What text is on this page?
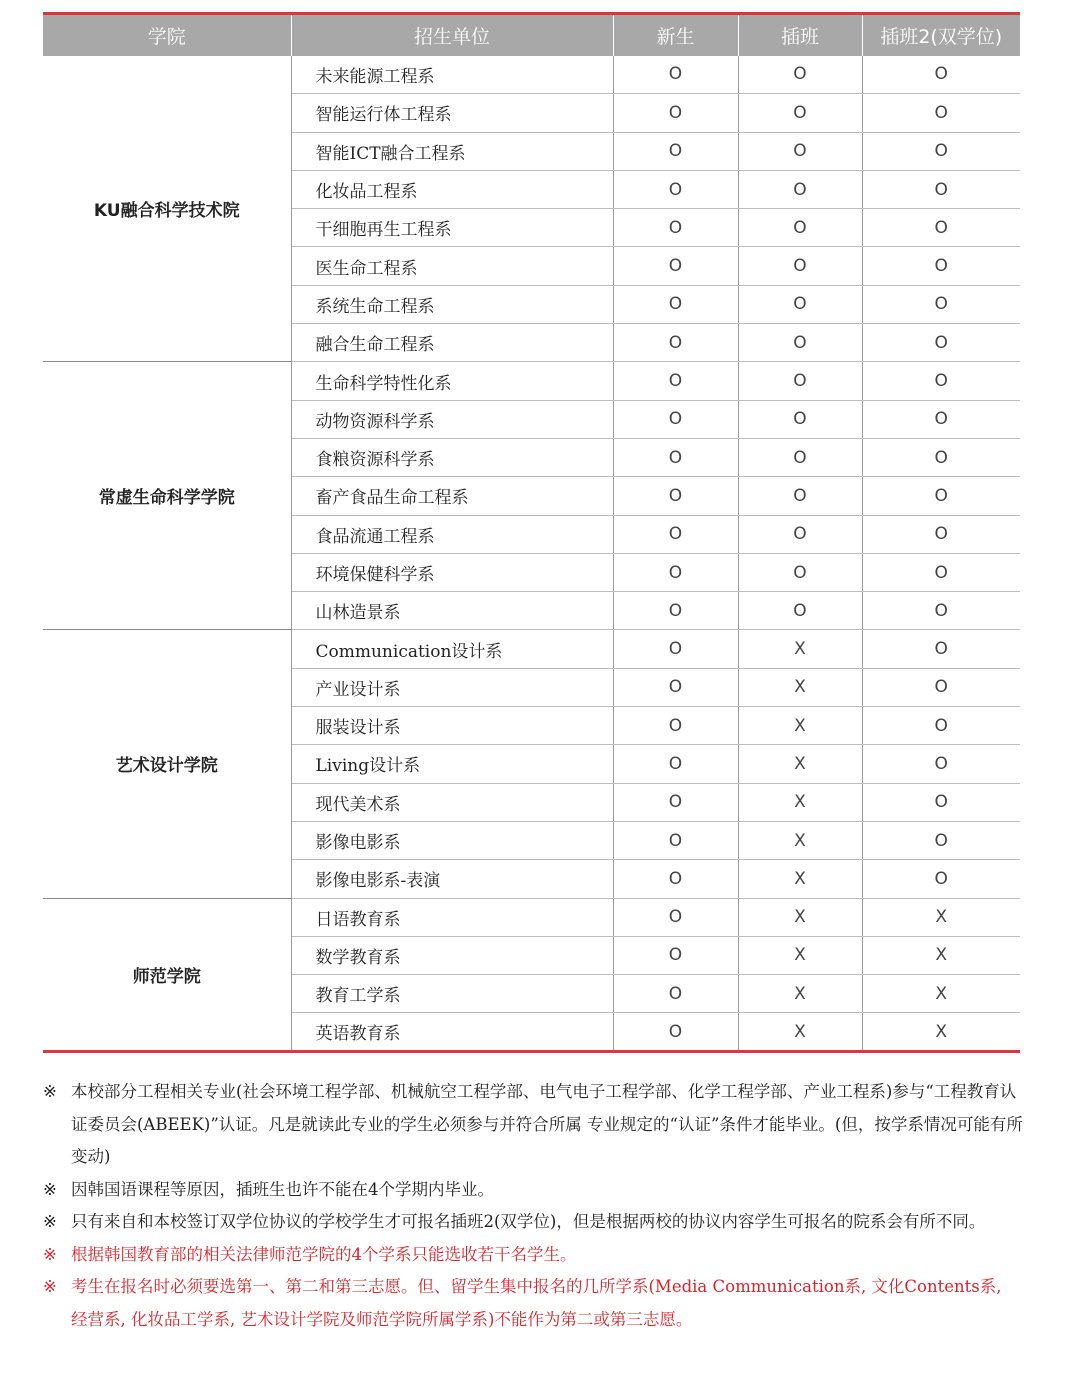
学院	招生单位	新生	插班	插班2(双学位)
KU融合科学技术院	未来能源工程系	O	O	O
	智能运行体工程系	O	O	O
	智能ICT融合工程系	O	O	O
	化妆品工程系	O	O	O
	干细胞再生工程系	O	O	O
	医生命工程系	O	O	O
	系统生命工程系	O	O	O
	融合生命工程系	O	O	O
常虚生命科学学院	生命科学特性化系	O	O	O
	动物资源科学系	O	O	O
	食粮资源科学系	O	O	O
	畜产食品生命工程系	O	O	O
	食品流通工程系	O	O	O
	环境保健科学系	O	O	O
	山林造景系	O	O	O
艺术设计学院	Communication设计系	O	X	O
	产业设计系	O	X	O
	服装设计系	O	X	O
	Living设计系	O	X	O
	现代美术系	O	X	O
	影像电影系	O	X	O
	影像电影系-表演	O	X	O
师范学院	日语教育系	O	X	X
	数学教育系	O	X	X
	教育工学系	O	X	X
	英语教育系	O	X	X
※ 本校部分工程相关专业(社会环境工程学部、机械航空工程学部、电气电子工程学部、化学工程学部、产业工程系)参与“工程教育认证委员会(ABEEK)”认证。凡是就读此专业的学生必须参与并符合所属 专业规定的“认证”条件才能毕业。(但，按学系情况可能有所变动)
※ 因韩国语课程等原因，插班生也许不能在4个学期内毕业。
※ 只有来自和本校签订双学位协议的学校学生才可报名插班2(双学位)，但是根据两校的协议内容学生可报名的院系会有所不同。
※ 根据韩国教育部的相关法律师范学院的4个学系只能选收若干名学生。
※ 考生在报名时必须要选第一、第二和第三志愿。但、留学生集中报名的几所学系(Media Communication系, 文化Contents系, 经营系, 化妆品工学系, 艺术设计学院及师范学院所属学系)不能作为第二或第三志愿。
